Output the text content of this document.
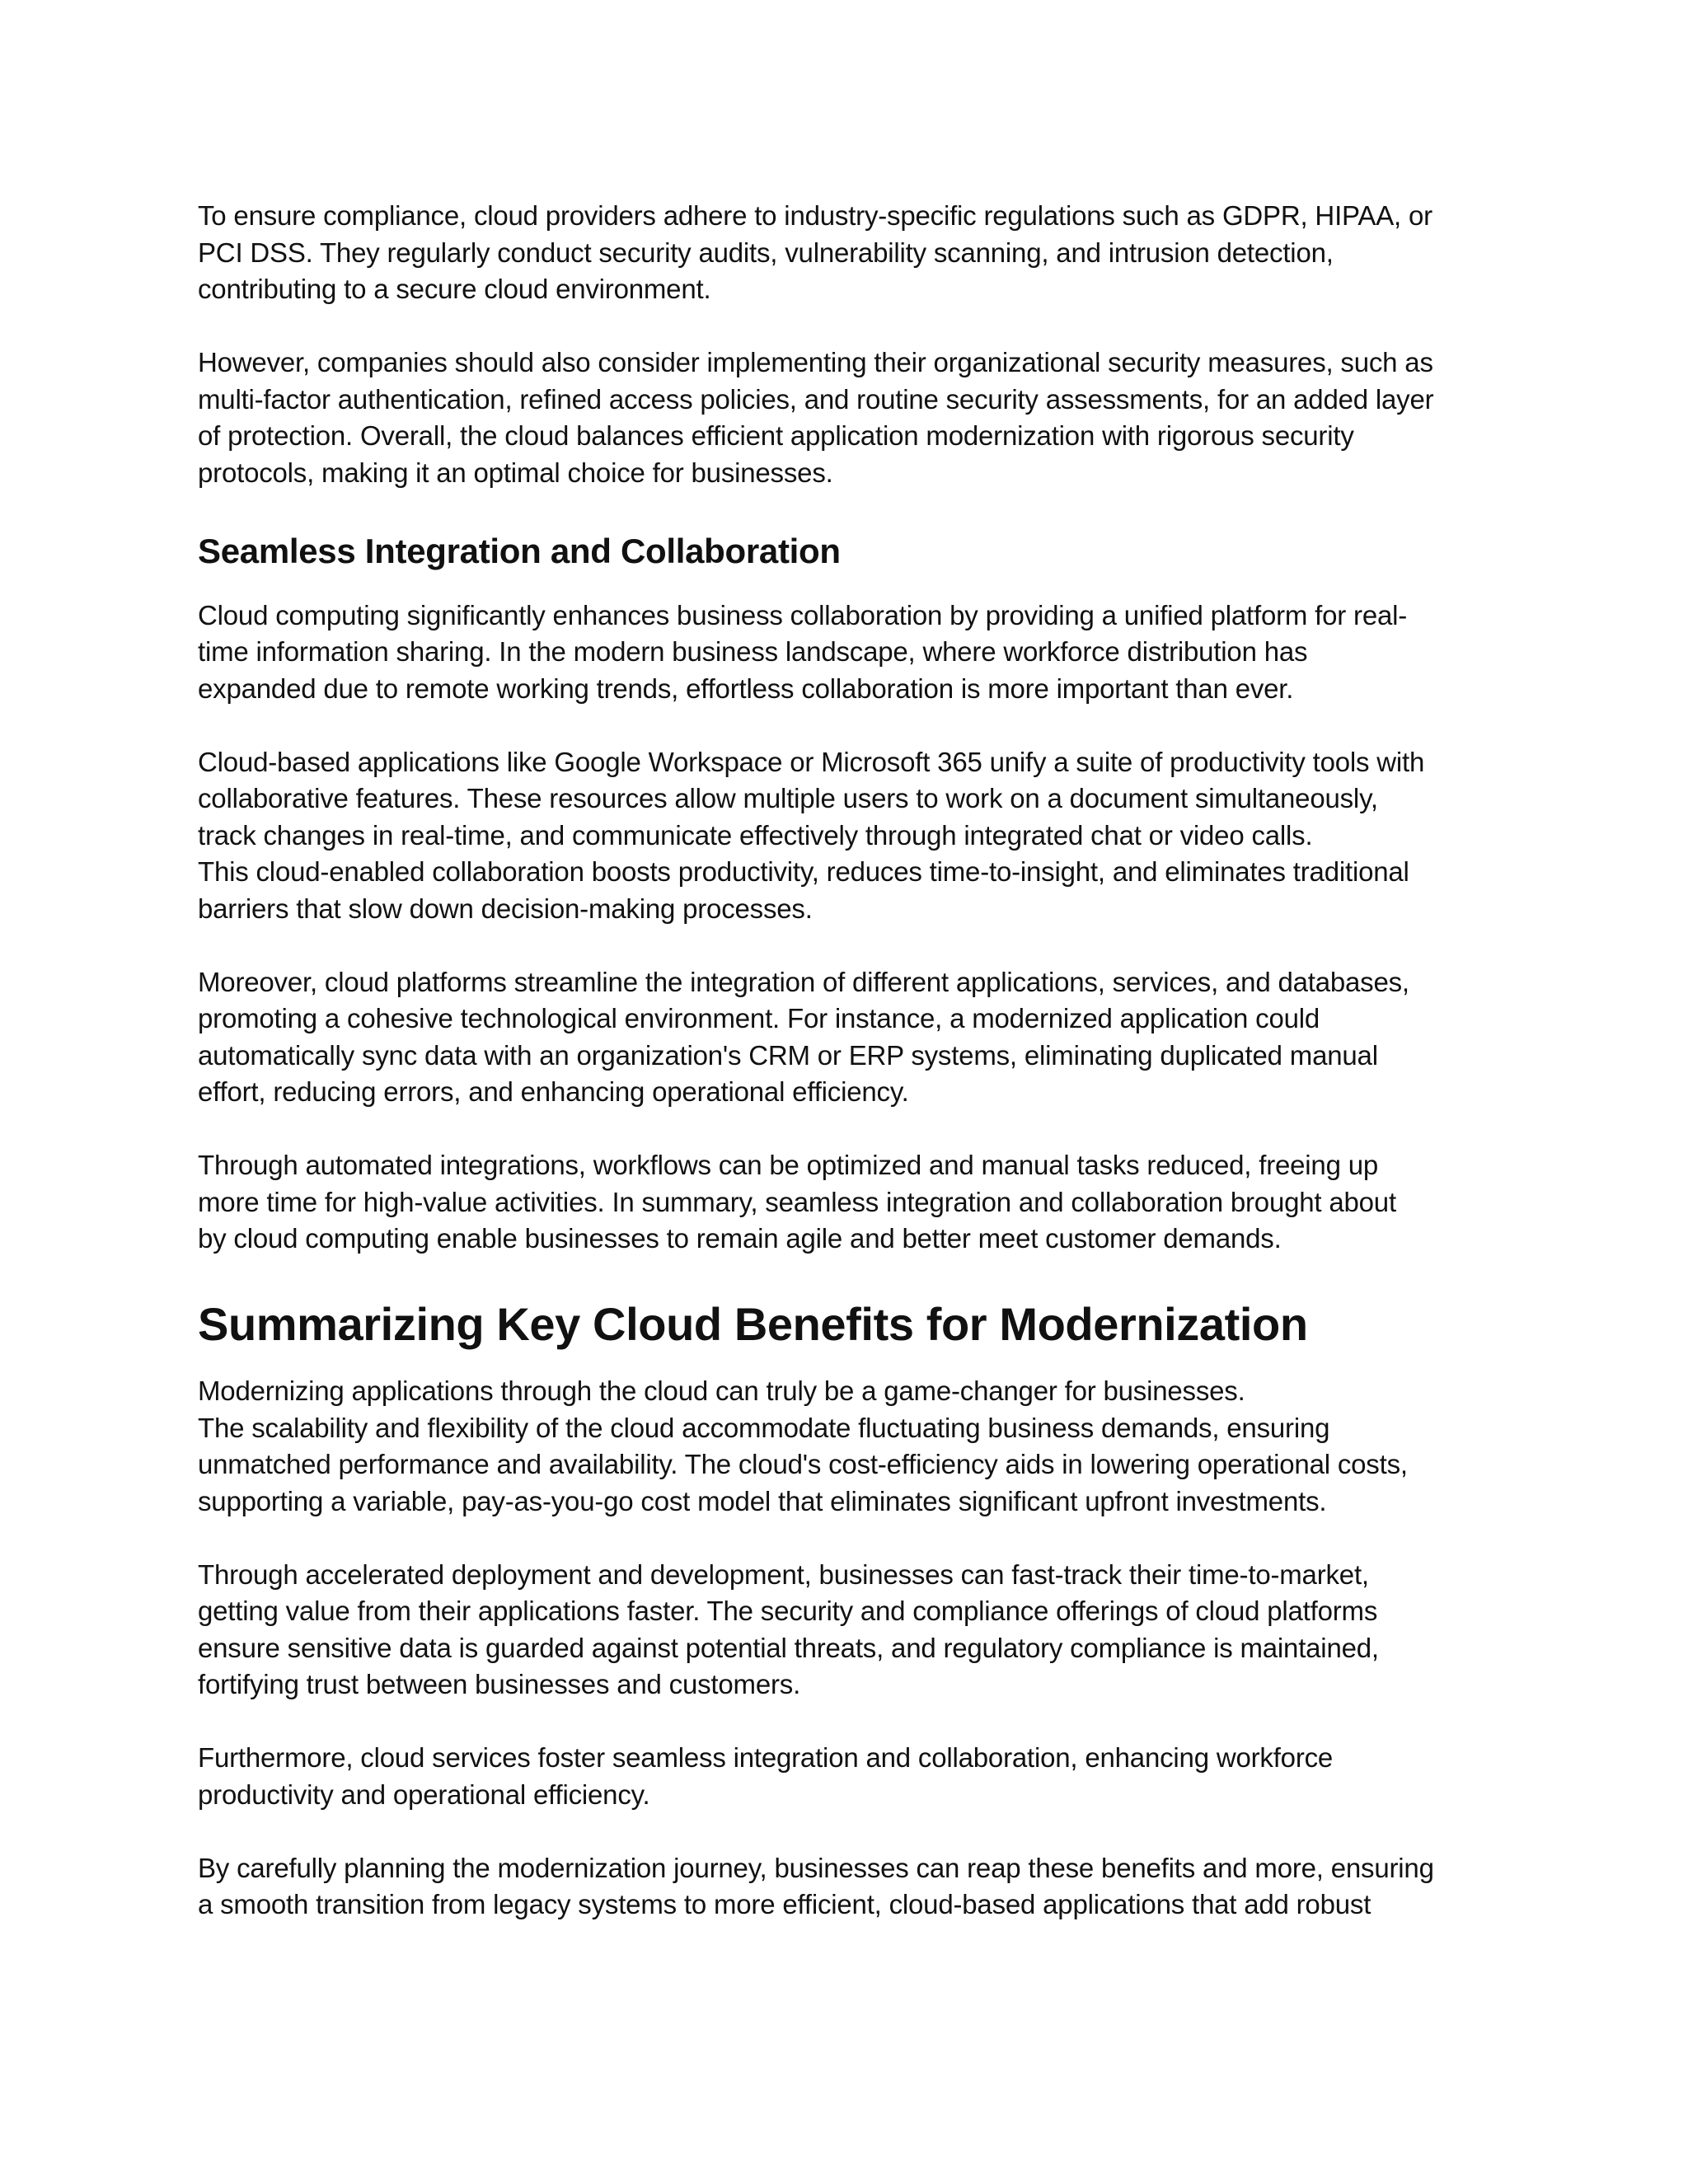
To ensure compliance, cloud providers adhere to industry-specific regulations such as GDPR, HIPAA, or
PCI DSS. They regularly conduct security audits, vulnerability scanning, and intrusion detection,
contributing to a secure cloud environment.

However, companies should also consider implementing their organizational security measures, such as
multi-factor authentication, refined access policies, and routine security assessments, for an added layer
of protection. Overall, the cloud balances efficient application modernization with rigorous security
protocols, making it an optimal choice for businesses.

Seamless Integration and Collaboration

Cloud computing significantly enhances business collaboration by providing a unified platform for real-
time information sharing. In the modern business landscape, where workforce distribution has
expanded due to remote working trends, effortless collaboration is more important than ever.

Cloud-based applications like Google Workspace or Microsoft 365 unify a suite of productivity tools with
collaborative features. These resources allow multiple users to work on a document simultaneously,
track changes in real-time, and communicate effectively through integrated chat or video calls.
This cloud-enabled collaboration boosts productivity, reduces time-to-insight, and eliminates traditional
barriers that slow down decision-making processes.

Moreover, cloud platforms streamline the integration of different applications, services, and databases,
promoting a cohesive technological environment. For instance, a modernized application could
automatically sync data with an organization's CRM or ERP systems, eliminating duplicated manual
effort, reducing errors, and enhancing operational efficiency.

Through automated integrations, workflows can be optimized and manual tasks reduced, freeing up
more time for high-value activities. In summary, seamless integration and collaboration brought about
by cloud computing enable businesses to remain agile and better meet customer demands.

Summarizing Key Cloud Benefits for Modernization

Modernizing applications through the cloud can truly be a game-changer for businesses.
The scalability and flexibility of the cloud accommodate fluctuating business demands, ensuring
unmatched performance and availability. The cloud's cost-efficiency aids in lowering operational costs,
supporting a variable, pay-as-you-go cost model that eliminates significant upfront investments.

Through accelerated deployment and development, businesses can fast-track their time-to-market,
getting value from their applications faster. The security and compliance offerings of cloud platforms
ensure sensitive data is guarded against potential threats, and regulatory compliance is maintained,
fortifying trust between businesses and customers.

Furthermore, cloud services foster seamless integration and collaboration, enhancing workforce
productivity and operational efficiency.

By carefully planning the modernization journey, businesses can reap these benefits and more, ensuring
a smooth transition from legacy systems to more efficient, cloud-based applications that add robust
